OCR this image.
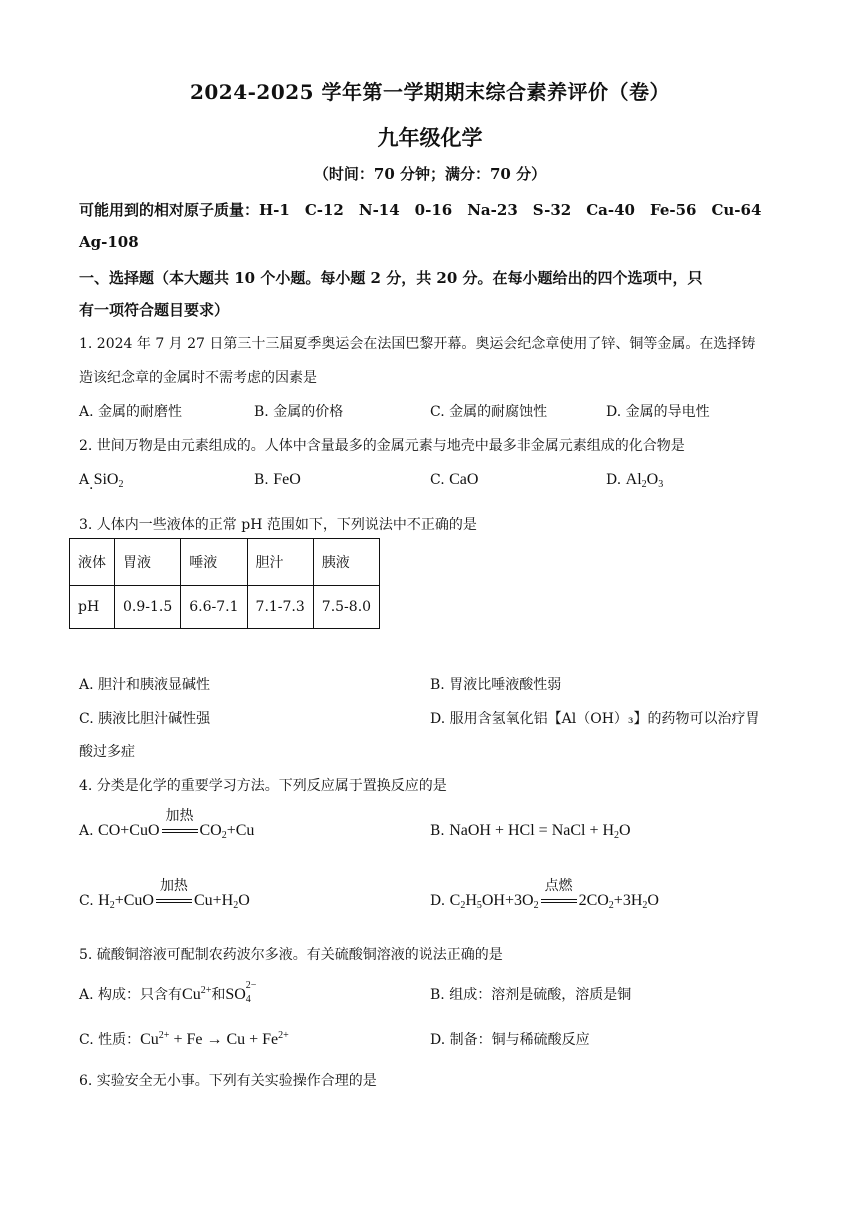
2024-2025 学年第一学期期末综合素养评价（卷）
九年级化学
（时间：70 分钟；满分：70 分）
可能用到的相对原子质量：H-1　C-12　N-14　0-16　Na-23　S-32　Ca-40　Fe-56　Cu-64
Ag-108
一、选择题（本大题共 10 个小题。每小题 2 分，共 20 分。在每小题给出的四个选项中，只
有一项符合题目要求）
1. 2024 年 7 月 27 日第三十三届夏季奥运会在法国巴黎开幕。奥运会纪念章使用了锌、铜等金属。在选择铸
造该纪念章的金属时不需考虑的因素是
A. 金属的耐磨性	B. 金属的价格	C. 金属的耐腐蚀性	D. 金属的导电性
2. 世间万物是由元素组成的。人体中含量最多的金属元素与地壳中最多非金属元素组成的化合物是
A SiO$_2$
·
B. FeO	C. CaO	D. $Al_2O_3$
3. 人体内一些液体的正常 pH 范围如下，下列说法中不正确的是
液体	胃液	唾液	胆汁	胰液
pH	0.9-1.5	6.6-7.1	7.1-7.3	7.5-8.0
A. 胆汁和胰液显碱性	B. 胃液比唾液酸性弱
C. 胰液比胆汁碱性强	D. 服用含氢氧化铝【Al（OH）₃】的药物可以治疗胃
酸过多症
4. 分类是化学的重要学习方法。下列反应属于置换反应的是
A. CO+CuO
加热
$CO_2+Cu$	B. NaOH + HCl = NaCl + $H_2O$
C. $H_2+CuO$
加热
$Cu+H_2O$	D. $C_2H_5OH+3O_2$
点燃
$2CO_2+3H_2O$
5. 硫酸铜溶液可配制农药波尔多液。有关硫酸铜溶液的说法正确的是
A. 构成：只含有$Cu^{2+}$和SO
2−
4	B. 组成：溶剂是硫酸，溶质是铜
C. 性质：$Cu^{2+} + Fe \to Cu + Fe^{2+}$	D. 制备：铜与稀硫酸反应
6. 实验安全无小事。下列有关实验操作合理的是
